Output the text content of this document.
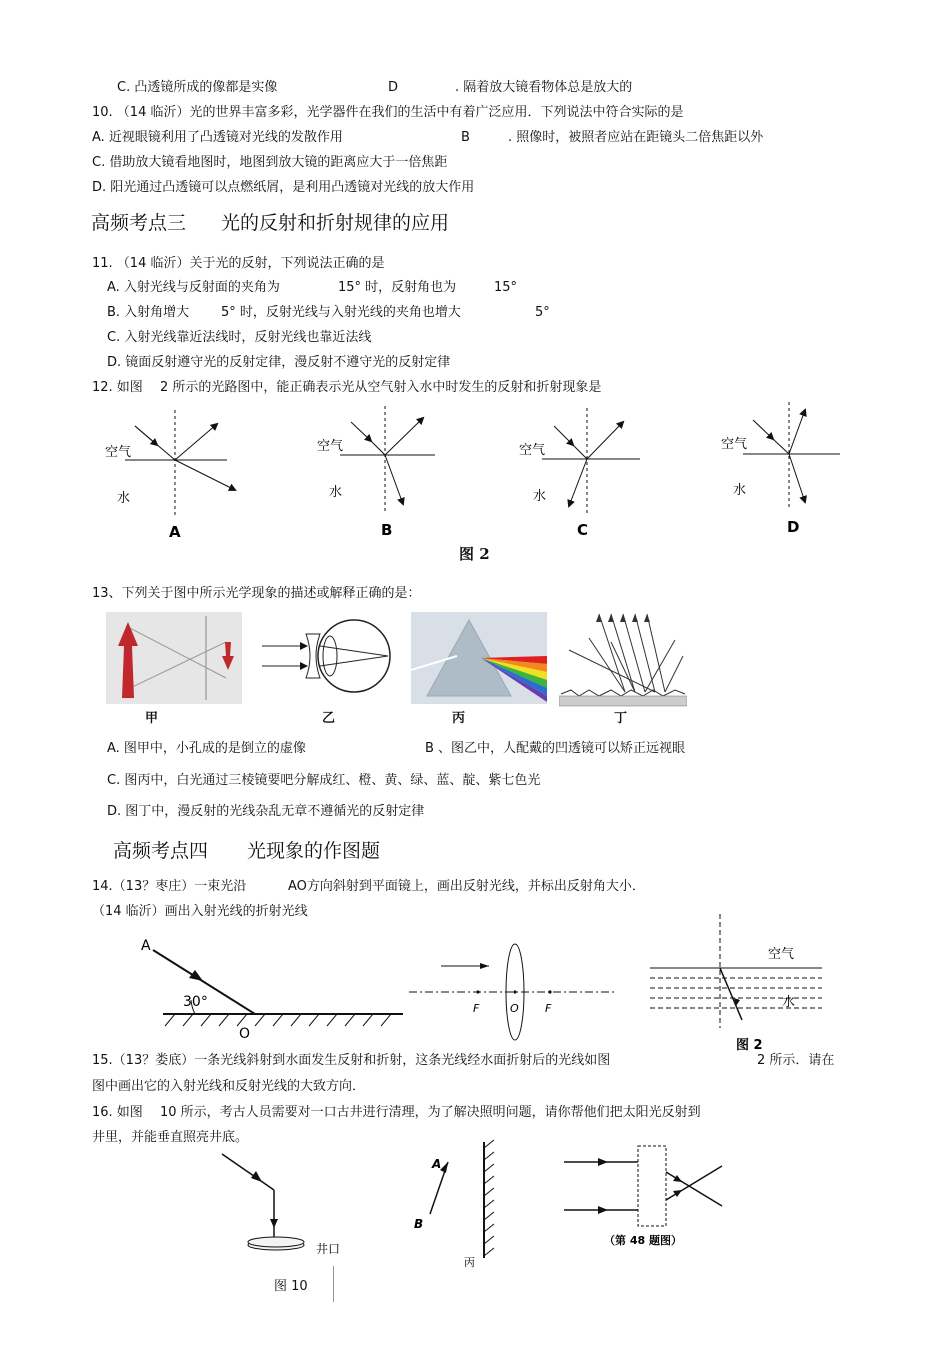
C. 凸透镜所成的像都是实像	D	. 隔着放大镜看物体总是放大的
10. （14 临沂）光的世界丰富多彩，光学器件在我们的生活中有着广泛应用．下列说法中符合实际的是
A. 近视眼镜利用了凸透镜对光线的发散作用	B	. 照像时，被照者应站在距镜头二倍焦距以外
C. 借助放大镜看地图时，地图到放大镜的距离应大于一倍焦距
D. 阳光通过凸透镜可以点燃纸屑，是利用凸透镜对光线的放大作用
高频考点三 光的反射和折射规律的应用
11. （14 临沂）关于光的反射，下列说法正确的是
A. 入射光线与反射面的夹角为	15° 时，反射角也为	15°
B. 入射角增大 5° 时，反射光线与入射光线的夹角也增大	5°
C. 入射光线靠近法线时，反射光线也靠近法线
D. 镜面反射遵守光的反射定律，漫反射不遵守光的反射定律
12. 如图 2 所示的光路图中，能正确表示光从空气射入水中时发生的反射和折射现象是
空气
水
A
空气
水
B
空气
水
C
空气
水
D
图 2
13、下列关于图中所示光学现象的描述或解释正确的是：
甲	乙	丙	丁
A. 图甲中，小孔成的是倒立的虚像	B 、图乙中，人配戴的凹透镜可以矫正远视眼
C. 图丙中，白光通过三棱镜要吧分解成红、橙、黄、绿、蓝、靛、紫七色光
D. 图丁中，漫反射的光线杂乱无章不遵循光的反射定律
高频考点四 光现象的作图题
14.（13？枣庄）一束光沿	AO方向斜射到平面镜上，画出反射光线，并标出反射角大小．
（14 临沂）画出入射光线的折射光线
A
O
30°	F	O F
空气
水
图 2
15.（13？娄底）一条光线斜射到水面发生反射和折射，这条光线经水面折射后的光线如图	2 所示．请在
图中画出它的入射光线和反射光线的大致方向．
16. 如图 10 所示，考古人员需要对一口古井进行清理，为了解决照明问题，请你帮他们把太阳光反射到
井里，并能垂直照亮井底。
井口
图 10
A
B
丙
（第 48 题图）
